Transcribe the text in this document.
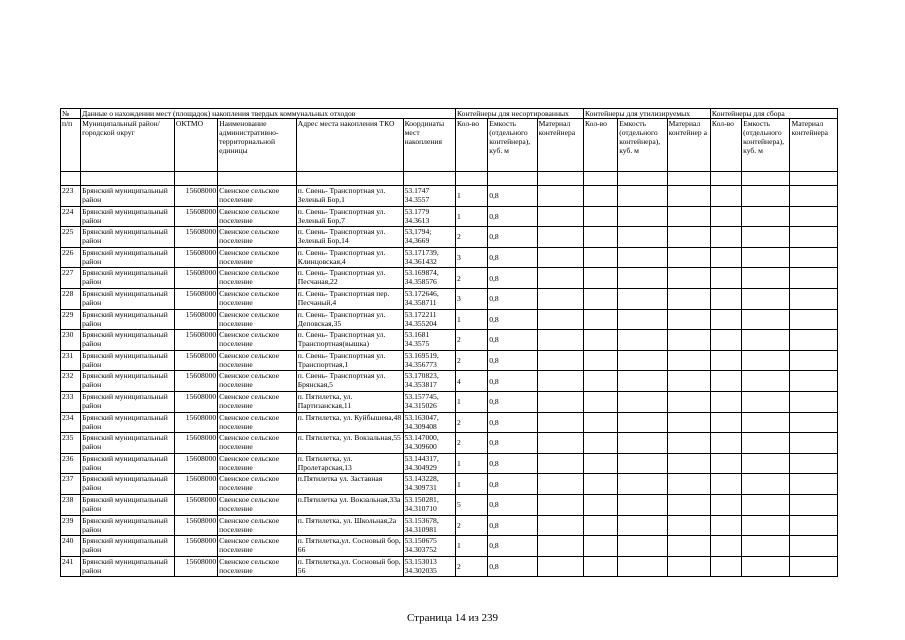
№	Данные о нахождении мест (площадок) накопления твердых коммунальных отходов					Контейнеры для несортированных			Контейнеры для утилизируемых			Контейнеры для сбора		
п/п	Муниципальный район/городской округ	ОКТМО	Наименование административно-территориальной единицы	Адрес места накопления ТКО	Координаты мест накопления	Кол-во	Емкость (отдельного контейнера), куб. м	Материал контейнера	Кол-во	Емкость (отдельного контейнера), куб. м	Материал контейнер а	Кол-во	Емкость (отдельного контейнера), куб. м	Материал контейнера

223	Брянский муниципальный район	15608000	Свенское сельское поселение	п. Свень- Транспортная ул. Зеленый Бор,1	53.1747 34.3557	1	0,8							
224	Брянский муниципальный район	15608000	Свенское сельское поселение	п. Свень- Транспортная ул. Зеленый Бор,7	53.1779 34.3613	1	0,8							
225	Брянский муниципальный район	15608000	Свенское сельское поселение	п. Свень- Транспортная ул. Зеленый Бор,14	53,1794; 34,3669	2	0,8							
226	Брянский муниципальный район	15608000	Свенское сельское поселение	п. Свень- Транспортная ул. Клинцовская,4	53.171739, 34.361432	3	0,8							
227	Брянский муниципальный район	15608000	Свенское сельское поселение	п. Свень- Транспортная ул. Песчаная,22	53.169874, 34.358576	2	0,8							
228	Брянский муниципальный район	15608000	Свенское сельское поселение	п. Свень- Транспортная пер. Песчаный,4	53.172646, 34.358711	3	0,8							
229	Брянский муниципальный район	15608000	Свенское сельское поселение	п. Свень- Транспортная ул. Деповская,35	53.172211 34.355204	1	0,8							
230	Брянский муниципальный район	15608000	Свенское сельское поселение	п. Свень- Транспортная ул. Транспортная(вышка)	53.1681 34.3575	2	0,8							
231	Брянский муниципальный район	15608000	Свенское сельское поселение	п. Свень- Транспортная ул. Транспортная,1	53.169519, 34.356773	2	0,8							
232	Брянский муниципальный район	15608000	Свенское сельское поселение	п. Свень- Транспортная ул. Брянская,5	53.170823, 34.353817	4	0,8							
233	Брянский муниципальный район	15608000	Свенское сельское поселение	п. Пятилетка, ул. Партизанская,11	53.157745, 34.315026	1	0,8							
234	Брянский муниципальный район	15608000	Свенское сельское поселение	п. Пятилетка, ул. Куйбышева,48	53.163047, 34.309408	2	0,8							
235	Брянский муниципальный район	15608000	Свенское сельское поселение	п. Пятилетка, ул. Вокзальная,55	53.147000, 34.309600	2	0,8							
236	Брянский муниципальный район	15608000	Свенское сельское поселение	п. Пятилетка, ул. Пролетарская,13	53.144317, 34.304929	1	0,8							
237	Брянский муниципальный район	15608000	Свенское сельское поселение	п.Пятилетка ул. Заставная	53.143228, 34.309731	1	0,8							
238	Брянский муниципальный район	15608000	Свенское сельское поселение	п.Пятилетка ул. Вокзальная,33а	53.150281, 34.310710	5	0,8							
239	Брянский муниципальный район	15608000	Свенское сельское поселение	п. Пятилетка, ул. Школьная,2а	53.153678, 34.310981	2	0,8							
240	Брянский муниципальный район	15608000	Свенское сельское поселение	п. Пятилетка,ул. Сосновый бор, 66	53.150675 34.303752	1	0,8							
241	Брянский муниципальный район	15608000	Свенское сельское поселение	п. Пятилетка,ул. Сосновый бор, 56	53.153013 34.302035	2	0,8							
Страница 14 из 239
